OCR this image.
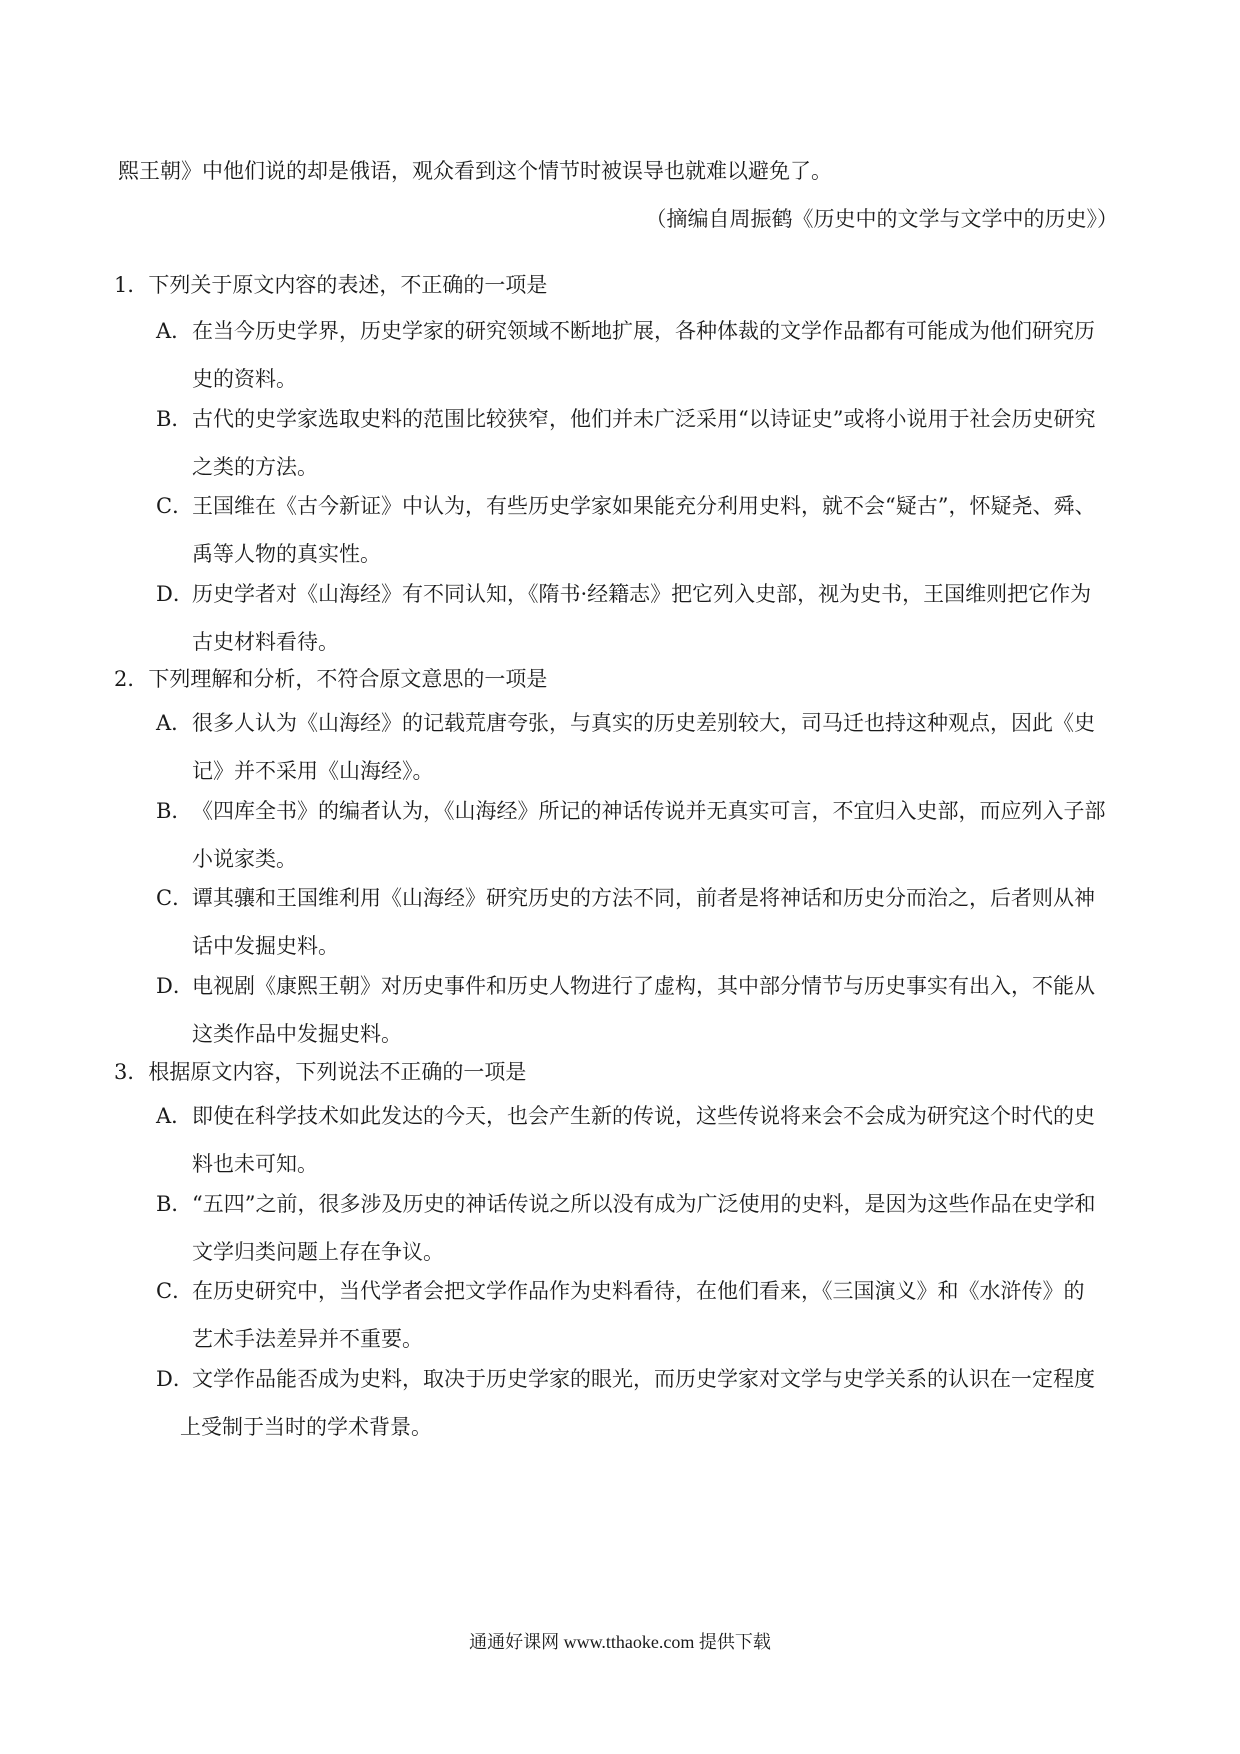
熙王朝》中他们说的却是俄语，观众看到这个情节时被误导也就难以避免了。
（摘编自周振鹤《历史中的文学与文学中的历史》）
1．下列关于原文内容的表述，不正确的一项是
A． 在当今历史学界，历史学家的研究领域不断地扩展，各种体裁的文学作品都有可能成为他们研究历
史的资料。
B． 古代的史学家选取史料的范围比较狭窄，他们并未广泛采用“以诗证史”或将小说用于社会历史研究
之类的方法。
C．
王国维在《古今新证》中认为，有些历史学家如果能充分利用史料，就不会“疑古”，怀疑尧、舜、
禹等人物的真实性。
D．
历史学者对《山海经》有不同认知，《隋书·经籍志》把它列入史部，视为史书，王国维则把它作为
古史材料看待。
2．下列理解和分析，不符合原文意思的一项是
A． 很多人认为《山海经》的记载荒唐夸张，与真实的历史差别较大，司马迁也持这种观点，因此《史
记》并不采用《山海经》。
B． 《四库全书》的编者认为，《山海经》所记的神话传说并无真实可言，不宜归入史部，而应列入子部
小说家类。
C．
谭其骧和王国维利用《山海经》研究历史的方法不同，前者是将神话和历史分而治之，后者则从神
话中发掘史料。
D．
电视剧《康熙王朝》对历史事件和历史人物进行了虚构，其中部分情节与历史事实有出入，不能从
这类作品中发掘史料。
3．根据原文内容，下列说法不正确的一项是
A． 即使在科学技术如此发达的今天，也会产生新的传说，这些传说将来会不会成为研究这个时代的史
料也未可知。
B． “五四”之前，很多涉及历史的神话传说之所以没有成为广泛使用的史料，是因为这些作品在史学和
文学归类问题上存在争议。
C．
在历史研究中，当代学者会把文学作品作为史料看待，在他们看来，《三国演义》和《水浒传》的
艺术手法差异并不重要。
D．
文学作品能否成为史料，取决于历史学家的眼光，而历史学家对文学与史学关系的认识在一定程度
上受制于当时的学术背景。
通通好课网 www.tthaoke.com 提供下载
